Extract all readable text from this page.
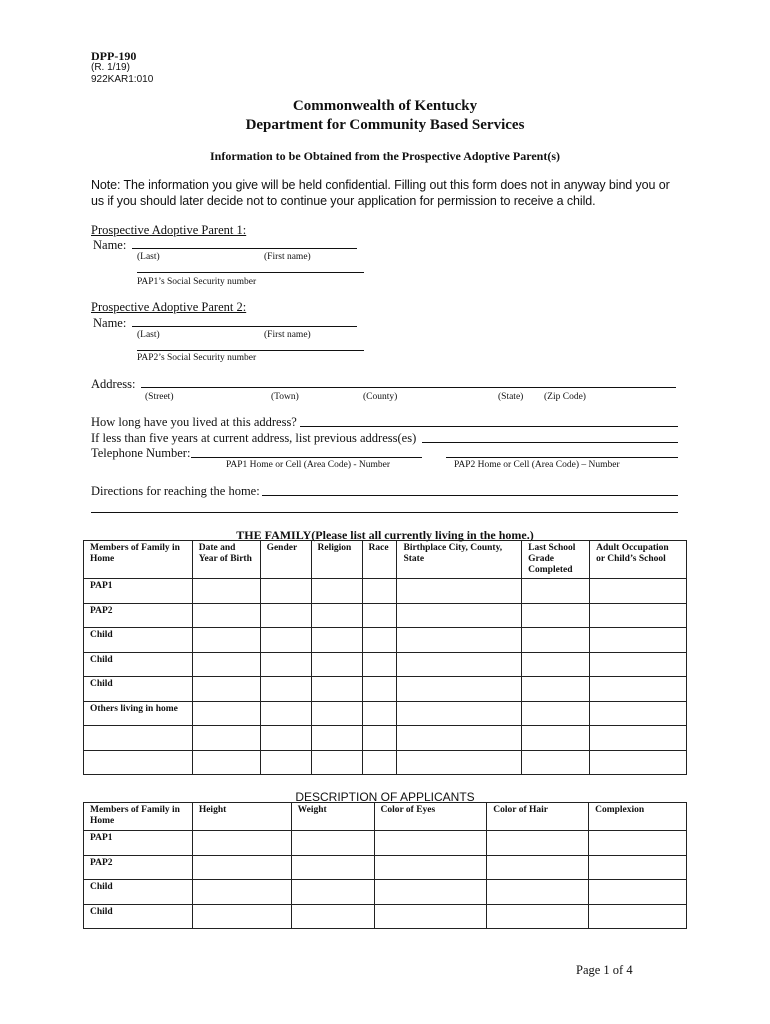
DPP-190
(R. 1/19)
922KAR1:010
Commonwealth of Kentucky
Department for Community Based Services
Information to be Obtained from the Prospective Adoptive Parent(s)
Note: The information you give will be held confidential. Filling out this form does not in anyway bind you or us if you should later decide not to continue your application for permission to receive a child.
Prospective Adoptive Parent 1:
Name:
(Last)	(First name)
PAP1’s Social Security number
Prospective Adoptive Parent 2:
Name:
(Last)	(First name)
PAP2’s Social Security number
Address:
(Street)	(Town)	(County)	(State) (Zip Code)
How long have you lived at this address?
If less than five years at current address, list previous address(es)
Telephone Number:
PAP1 Home or Cell (Area Code) - Number	PAP2 Home or Cell (Area Code) – Number
Directions for reaching the home:
THE FAMILY(Please list all currently living in the home.)
Members of Family in Home	Date and Year of Birth	Gender	Religion	Race	Birthplace City, County, State	Last School Grade Completed	Adult Occupation or Child’s School
PAP1							
PAP2							
Child							
Child							
Child							
Others living in home							

DESCRIPTION OF APPLICANTS
Members of Family in Home	Height	Weight	Color of Eyes	Color of Hair	Complexion
PAP1					
PAP2					
Child					
Child					
Page 1 of 4
